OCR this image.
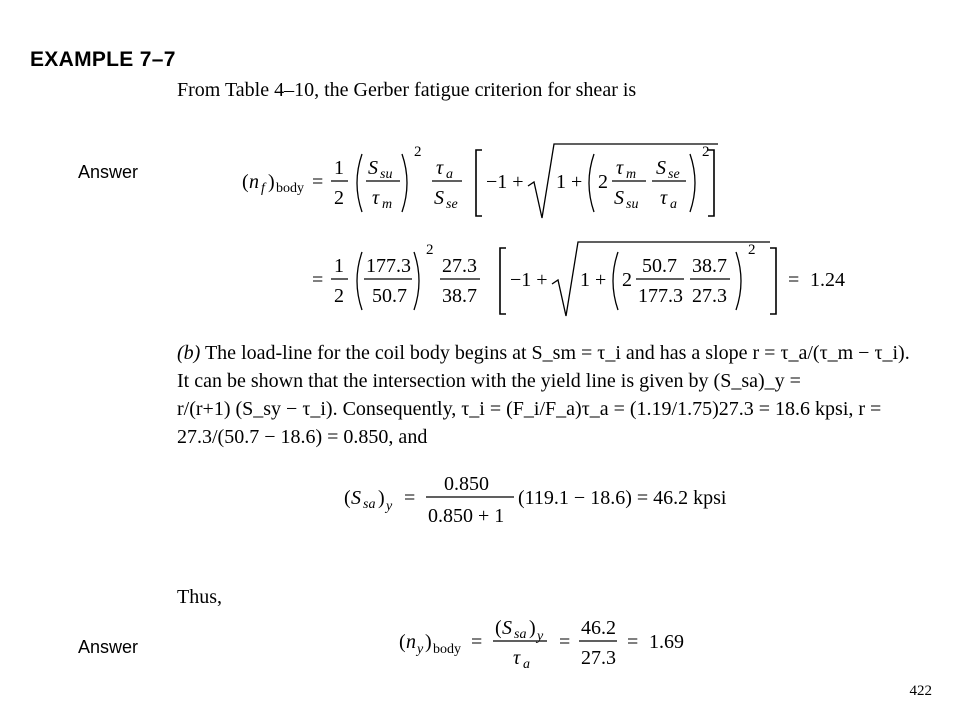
EXAMPLE 7–7
From Table 4–10, the Gerber fatigue criterion for shear is
Answer
Answer
( n f ) body =
1
2
S su
τ m
2
τ a
S se
−1 + 1 + 2
τ m
S su
S se
τ a
2
=
1
2
177.3
50.7
2
27.3
38.7
−1 + 1 + 2
50.7
177.3
38.7
27.3
2
= 1.24
(b) The load-line for the coil body begins at S_sm = τ_i and has a slope r = τ_a/(τ_m − τ_i).
It can be shown that the intersection with the yield line is given by (S_sa)_y =
r/(r+1) (S_sy − τ_i). Consequently, τ_i = (F_i/F_a)τ_a = (1.19/1.75)27.3 = 18.6 kpsi, r =
27.3/(50.7 − 18.6) = 0.850, and
( S sa ) y =
0.850
0.850 + 1
(119.1 − 18.6) = 46.2 kpsi
Thus,
( n y ) body =
( S sa ) y
τ a
=
46.2
27.3
= 1.69
422
